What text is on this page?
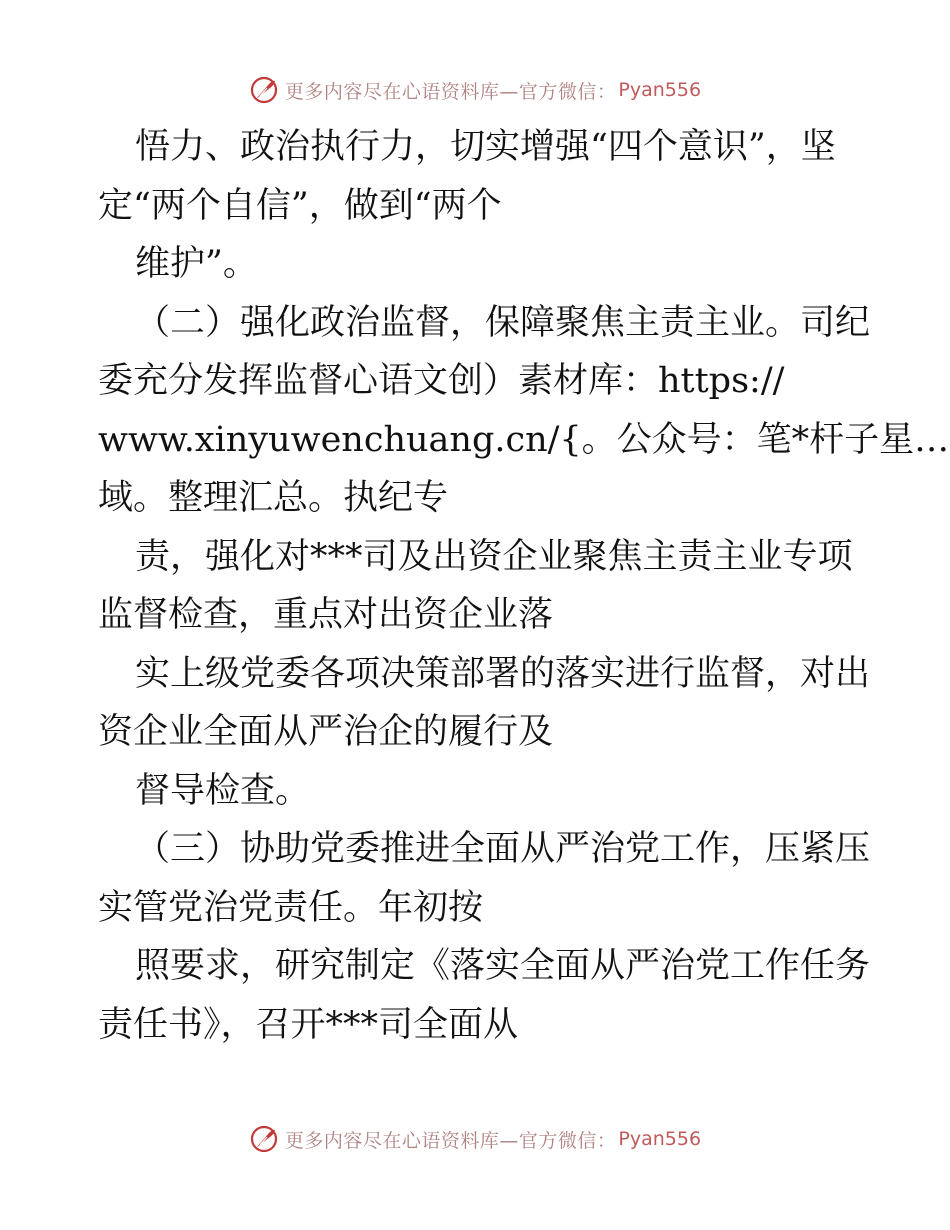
更多内容尽在心语资料库—官方微信： Pyan556
悟力、政治执行力，切实增强“四个意识”，坚
定“两个自信”，做到“两个
维护”。
（二）强化政治监督，保障聚焦主责主业。司纪
委充分发挥监督心语文创）素材库：https://
www.xinyuwenchuang.cn/{。公众号：笔*杆子星…
域。整理汇总。执纪专
责，强化对***司及出资企业聚焦主责主业专项
监督检查，重点对出资企业落
实上级党委各项决策部署的落实进行监督，对出
资企业全面从严治企的履行及
督导检查。
（三）协助党委推进全面从严治党工作，压紧压
实管党治党责任。年初按
照要求，研究制定《落实全面从严治党工作任务
责任书》，召开***司全面从
更多内容尽在心语资料库—官方微信： Pyan556
